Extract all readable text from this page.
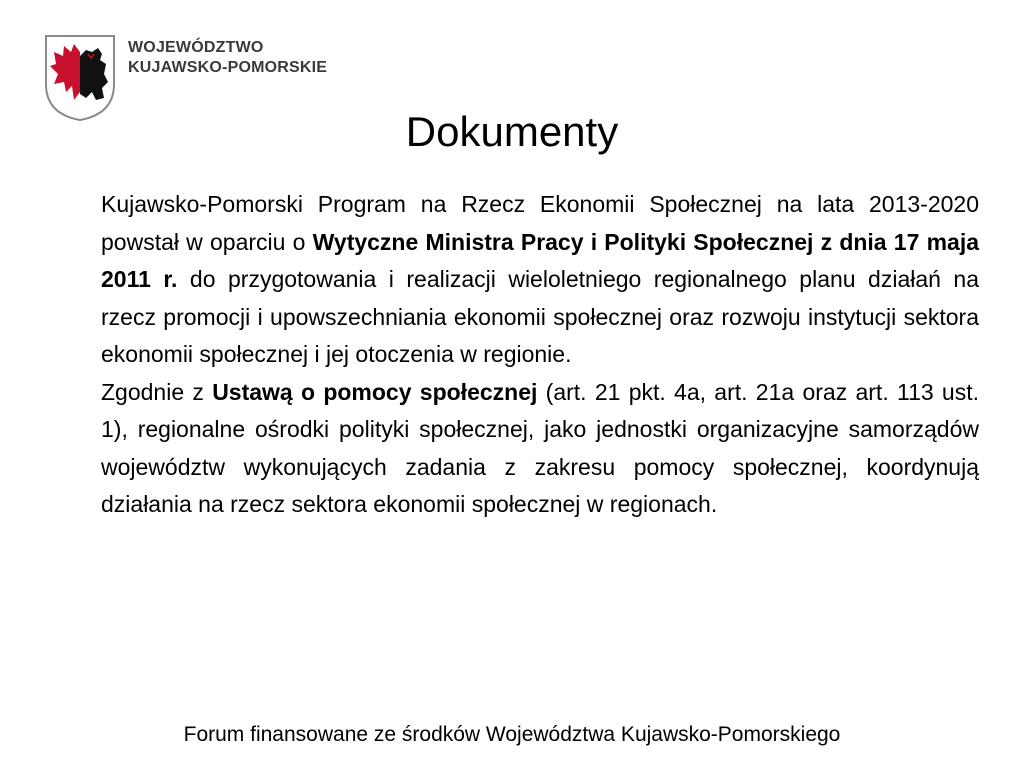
WOJEWÓDZTWO
KUJAWSKO-POMORSKIE
Dokumenty

Kujawsko-Pomorski Program na Rzecz Ekonomii Społecznej na lata 2013-2020 powstał w oparciu o Wytyczne Ministra Pracy i Polityki Społecznej z dnia 17 maja 2011 r. do przygotowania i realizacji wieloletniego regionalnego planu działań na rzecz promocji i upowszechniania ekonomii społecznej oraz rozwoju instytucji sektora ekonomii społecznej i jej otoczenia w regionie.

Zgodnie z Ustawą o pomocy społecznej (art. 21 pkt. 4a, art. 21a oraz art. 113 ust. 1), regionalne ośrodki polityki społecznej, jako jednostki organizacyjne samorządów województw wykonujących zadania z zakresu pomocy społecznej, koordynują działania na rzecz sektora ekonomii społecznej w regionach.

Forum finansowane ze środków Województwa Kujawsko-Pomorskiego
